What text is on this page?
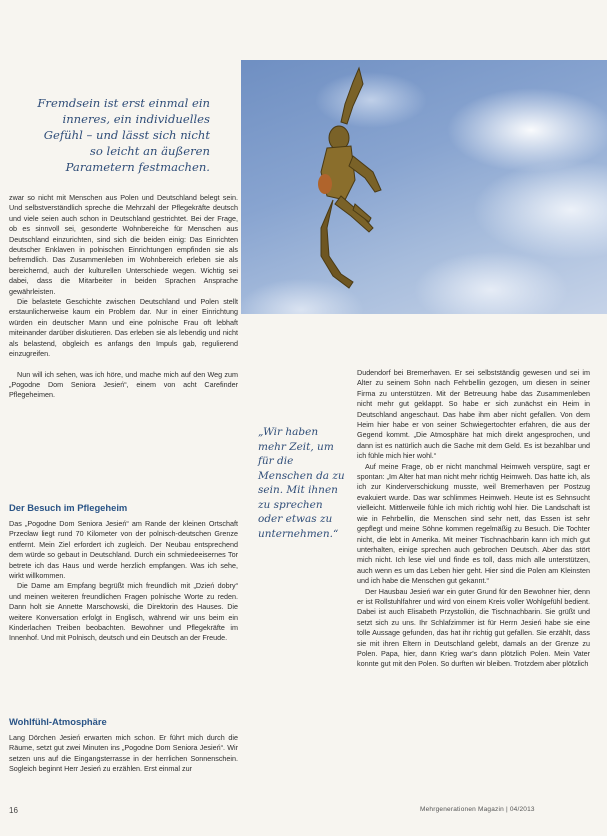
Fremdsein ist erst einmal ein inneres, ein individuelles Gefühl – und lässt sich nicht so leicht an äußeren Parametern festmachen.

zwar so nicht mit Menschen aus Polen und Deutschland belegt sein. Und selbstverständlich spreche die Mehrzahl der Pflegekräfte deutsch und viele seien auch schon in Deutschland gestrichtet. Bei der Frage, ob es sinnvoll sei, gesonderte Wohnbereiche für Menschen aus Deutschland einzurichten, sind sich die beiden einig: Das Einrichten deutscher Enklaven in polnischen Einrichtungen empfinden sie als befremdlich. Das Zusammenleben im Wohnbereich erleben sie als bereichernd, auch der kulturellen Unterschiede wegen. Wichtig sei dabei, dass die Mitarbeiter in beiden Sprachen Ansprache gewährleisten.

Die belastete Geschichte zwischen Deutschland und Polen stellt erstaunlicherweise kaum ein Problem dar. Nur in einer Einrichtung würden ein deutscher Mann und eine polnische Frau oft lebhaft miteinander darüber diskutieren. Das erleben sie als lebendig und nicht als belastend, obgleich es anfangs den Impuls gab, regulierend einzugreifen.

Nun will ich sehen, was ich höre, und mache mich auf den Weg zum „Pogodne Dom Seniora Jesień“, einem von acht Carefinder Pflegeheimen.

Der Besuch im Pflegeheim

Das „Pogodne Dom Seniora Jesień“ am Rande der kleinen Ortschaft Przecław liegt rund 70 Kilometer von der polnisch-deutschen Grenze entfernt. Mein Ziel erfordert ich zugleich. Der Neubau entsprechend dem würde so gebaut in Deutschland. Durch ein schmiedeeisernes Tor betrete ich das Haus und werde herzlich empfangen. Was ich sehe, wirkt willkommen.

Die Dame am Empfang begrüßt mich freundlich mit „Dzień dobry“ und meinen weiteren freundlichen Fragen polnische Worte zu reden. Dann holt sie Annette Marschowski, die Direktorin des Hauses. Die weitere Konversation erfolgt in Englisch, während wir uns beim ein Kinderlachen Treiben beobachten. Bewohner und Pflegekräfte im Innenhof. Und mit Polnisch, deutsch und ein Deutsch an der Freude.

Wohlfühl-Atmosphäre

Lang Dörchen Jesień erwarten mich schon. Er führt mich durch die Räume, setzt gut zwei Minuten ins „Pogodne Dom Seniora Jesień“. Wir setzen uns auf die Eingangsterrasse in der herrlichen Sonnenschein. Sogleich beginnt Herr Jesień zu erzählen. Erst einmal zur

„Wir haben mehr Zeit, um für die Menschen da zu sein. Mit ihnen zu sprechen oder etwas zu unternehmen.“

Dudendorf bei Bremerhaven. Er sei selbstständig gewesen und sei im Alter zu seinem Sohn nach Fehrbellin gezogen, um diesen in seiner Firma zu unterstützen. Mit der Betreuung habe das Zusammenleben nicht mehr gut geklappt. So habe er sich zunächst ein Heim in Deutschland angeschaut. Das habe ihm aber nicht gefallen. Von dem Heim hier habe er von seiner Schwiegertochter erfahren, die aus der Gegend kommt. „Die Atmosphäre hat mich direkt angesprochen, und dann ist es natürlich auch die Sache mit dem Geld. Es ist bezahlbar und ich fühle mich hier wohl.“

Auf meine Frage, ob er nicht manchmal Heimweh verspüre, sagt er spontan: „Im Alter hat man nicht mehr richtig Heimweh. Das hatte ich, als ich zur Kinderverschickung musste, weil Bremerhaven per Postzug evakuiert wurde. Das war schlimmes Heimweh. Heute ist es Sehnsucht vielleicht. Mittlerweile fühle ich mich richtig wohl hier. Die Landschaft ist wie in Fehrbellin, die Menschen sind sehr nett, das Essen ist sehr gepflegt und meine Söhne kommen regelmäßig zu Besuch. Die Tochter nicht, die lebt in Amerika. Mit meiner Tischnachbarin kann ich mich gut unterhalten, einige sprechen auch gebrochen Deutsch. Aber das stört mich nicht. Ich lese viel und finde es toll, dass mich alle unterstützen, auch wenn es um das Leben hier geht. Hier sind die Polen am Kleinsten und ich habe die Menschen gut gekannt.“

Der Hausbau Jesień war ein guter Grund für den Bewohner hier, denn er ist Rollstuhlfahrer und wird von einem Kreis voller Wohlgefühl bedient. Dabei ist auch Elisabeth Przystolkin, die Tischnachbarin. Sie grüßt und setzt sich zu uns. Ihr Schlafzimmer ist für Herrn Jesień habe sie eine tolle Aussage gefunden, das hat ihr richtig gut gefallen. Sie erzählt, dass sie mit ihren Eltern in Deutschland gelebt, damals an der Grenze zu Polen. Papa, hier, dann Krieg war's dann plötzlich Polen. Mein Vater konnte gut mit den Polen. So durften wir bleiben. Trotzdem aber plötzlich

16	Mehrgenerationen Magazin | 04/2013
